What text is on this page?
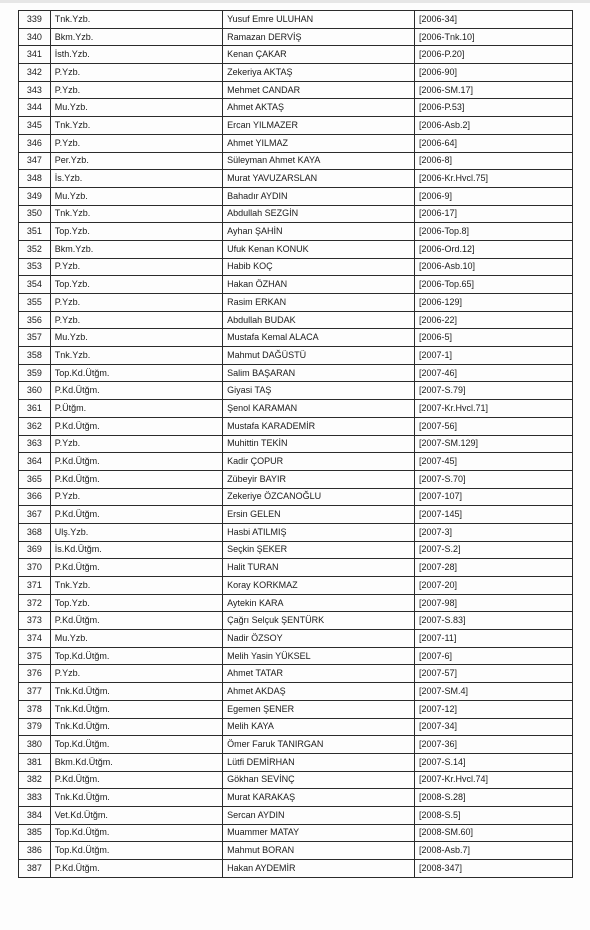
339	Tnk.Yzb.	Yusuf Emre ULUHAN	[2006-34]
340	Bkm.Yzb.	Ramazan DERVİŞ	[2006-Tnk.10]
341	İsth.Yzb.	Kenan ÇAKAR	[2006-P.20]
342	P.Yzb.	Zekeriya AKTAŞ	[2006-90]
343	P.Yzb.	Mehmet CANDAR	[2006-SM.17]
344	Mu.Yzb.	Ahmet AKTAŞ	[2006-P.53]
345	Tnk.Yzb.	Ercan YILMAZER	[2006-Asb.2]
346	P.Yzb.	Ahmet YILMAZ	[2006-64]
347	Per.Yzb.	Süleyman Ahmet KAYA	[2006-8]
348	İs.Yzb.	Murat YAVUZARSLAN	[2006-Kr.Hvcl.75]
349	Mu.Yzb.	Bahadır AYDIN	[2006-9]
350	Tnk.Yzb.	Abdullah SEZGİN	[2006-17]
351	Top.Yzb.	Ayhan ŞAHİN	[2006-Top.8]
352	Bkm.Yzb.	Ufuk Kenan KONUK	[2006-Ord.12]
353	P.Yzb.	Habib KOÇ	[2006-Asb.10]
354	Top.Yzb.	Hakan ÖZHAN	[2006-Top.65]
355	P.Yzb.	Rasim ERKAN	[2006-129]
356	P.Yzb.	Abdullah BUDAK	[2006-22]
357	Mu.Yzb.	Mustafa Kemal ALACA	[2006-5]
358	Tnk.Yzb.	Mahmut DAĞÜSTÜ	[2007-1]
359	Top.Kd.Ütğm.	Salim BAŞARAN	[2007-46]
360	P.Kd.Ütğm.	Giyasi TAŞ	[2007-S.79]
361	P.Ütğm.	Şenol KARAMAN	[2007-Kr.Hvcl.71]
362	P.Kd.Ütğm.	Mustafa KARADEMİR	[2007-56]
363	P.Yzb.	Muhittin TEKİN	[2007-SM.129]
364	P.Kd.Ütğm.	Kadir ÇOPUR	[2007-45]
365	P.Kd.Ütğm.	Zübeyir BAYIR	[2007-S.70]
366	P.Yzb.	Zekeriye ÖZCANOĞLU	[2007-107]
367	P.Kd.Ütğm.	Ersin GELEN	[2007-145]
368	Ulş.Yzb.	Hasbi ATILMIŞ	[2007-3]
369	İs.Kd.Ütğm.	Seçkin ŞEKER	[2007-S.2]
370	P.Kd.Ütğm.	Halit TURAN	[2007-28]
371	Tnk.Yzb.	Koray KORKMAZ	[2007-20]
372	Top.Yzb.	Aytekin KARA	[2007-98]
373	P.Kd.Ütğm.	Çağrı Selçuk ŞENTÜRK	[2007-S.83]
374	Mu.Yzb.	Nadir ÖZSOY	[2007-11]
375	Top.Kd.Ütğm.	Melih Yasin YÜKSEL	[2007-6]
376	P.Yzb.	Ahmet TATAR	[2007-57]
377	Tnk.Kd.Ütğm.	Ahmet AKDAŞ	[2007-SM.4]
378	Tnk.Kd.Ütğm.	Egemen ŞENER	[2007-12]
379	Tnk.Kd.Ütğm.	Melih KAYA	[2007-34]
380	Top.Kd.Ütğm.	Ömer Faruk TANIRGAN	[2007-36]
381	Bkm.Kd.Ütğm.	Lütfi DEMİRHAN	[2007-S.14]
382	P.Kd.Ütğm.	Gökhan SEVİNÇ	[2007-Kr.Hvcl.74]
383	Tnk.Kd.Ütğm.	Murat KARAKAŞ	[2008-S.28]
384	Vet.Kd.Ütğm.	Sercan AYDIN	[2008-S.5]
385	Top.Kd.Ütğm.	Muammer MATAY	[2008-SM.60]
386	Top.Kd.Ütğm.	Mahmut BORAN	[2008-Asb.7]
387	P.Kd.Ütğm.	Hakan AYDEMİR	[2008-347]
